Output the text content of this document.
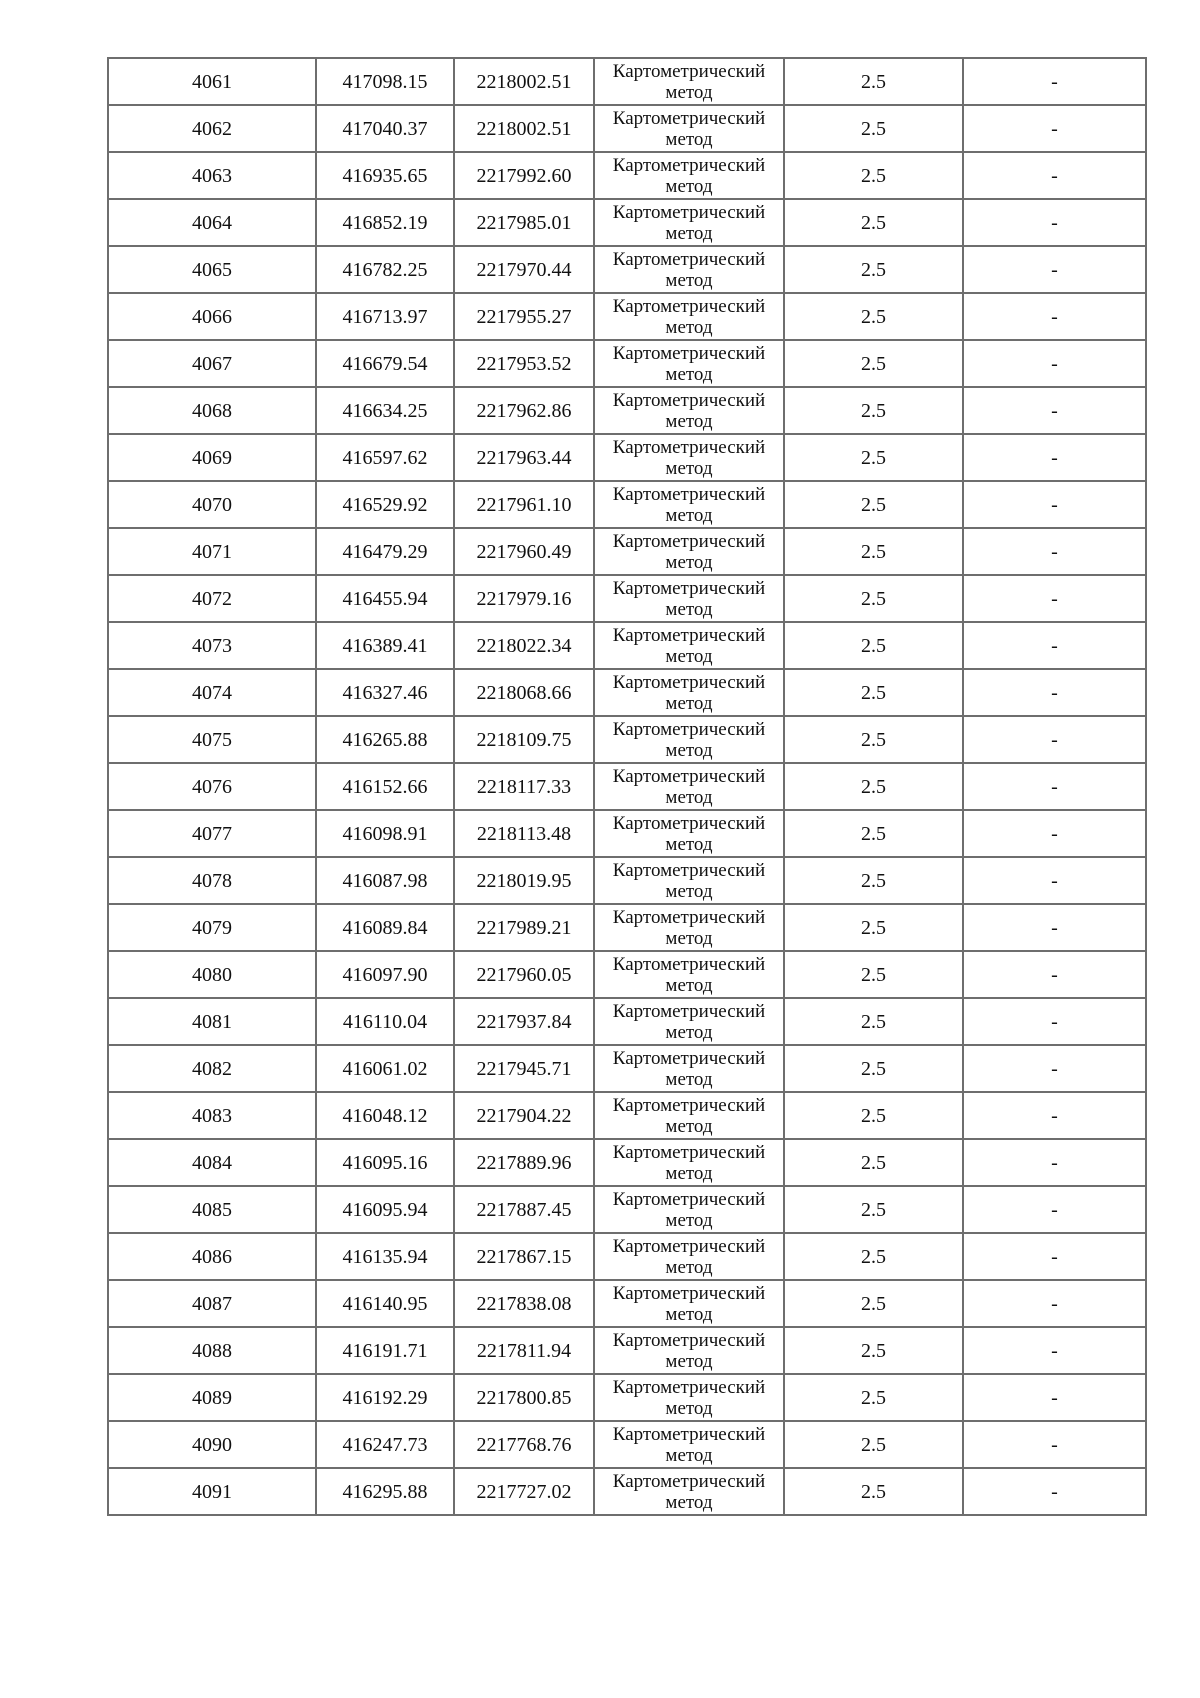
4061	417098.15	2218002.51	Картометрический метод	2.5	-
4062	417040.37	2218002.51	Картометрический метод	2.5	-
4063	416935.65	2217992.60	Картометрический метод	2.5	-
4064	416852.19	2217985.01	Картометрический метод	2.5	-
4065	416782.25	2217970.44	Картометрический метод	2.5	-
4066	416713.97	2217955.27	Картометрический метод	2.5	-
4067	416679.54	2217953.52	Картометрический метод	2.5	-
4068	416634.25	2217962.86	Картометрический метод	2.5	-
4069	416597.62	2217963.44	Картометрический метод	2.5	-
4070	416529.92	2217961.10	Картометрический метод	2.5	-
4071	416479.29	2217960.49	Картометрический метод	2.5	-
4072	416455.94	2217979.16	Картометрический метод	2.5	-
4073	416389.41	2218022.34	Картометрический метод	2.5	-
4074	416327.46	2218068.66	Картометрический метод	2.5	-
4075	416265.88	2218109.75	Картометрический метод	2.5	-
4076	416152.66	2218117.33	Картометрический метод	2.5	-
4077	416098.91	2218113.48	Картометрический метод	2.5	-
4078	416087.98	2218019.95	Картометрический метод	2.5	-
4079	416089.84	2217989.21	Картометрический метод	2.5	-
4080	416097.90	2217960.05	Картометрический метод	2.5	-
4081	416110.04	2217937.84	Картометрический метод	2.5	-
4082	416061.02	2217945.71	Картометрический метод	2.5	-
4083	416048.12	2217904.22	Картометрический метод	2.5	-
4084	416095.16	2217889.96	Картометрический метод	2.5	-
4085	416095.94	2217887.45	Картометрический метод	2.5	-
4086	416135.94	2217867.15	Картометрический метод	2.5	-
4087	416140.95	2217838.08	Картометрический метод	2.5	-
4088	416191.71	2217811.94	Картометрический метод	2.5	-
4089	416192.29	2217800.85	Картометрический метод	2.5	-
4090	416247.73	2217768.76	Картометрический метод	2.5	-
4091	416295.88	2217727.02	Картометрический метод	2.5	-
